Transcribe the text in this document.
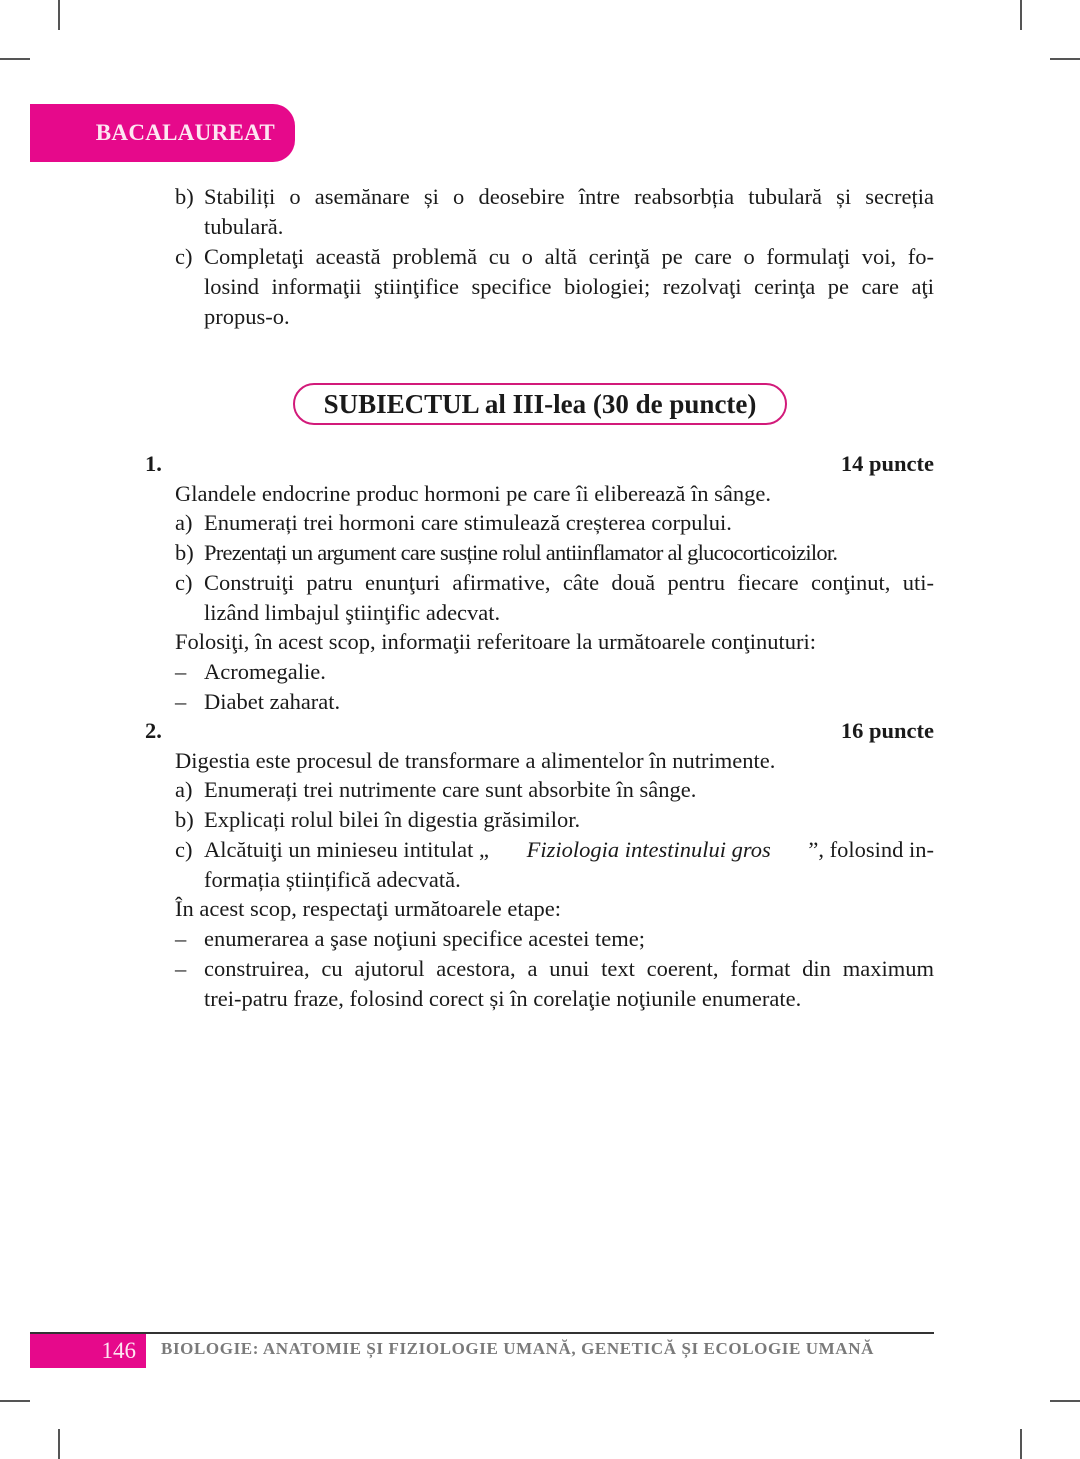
BACALAUREAT
b) Stabiliți o asemănare și o deosebire între reabsorbția tubulară și secreția
tubulară.
c) Completaţi această problemă cu o altă cerinţă pe care o formulaţi voi, fo-
losind informaţii ştiinţifice specifice biologiei; rezolvaţi cerinţa pe care aţi
propus-o.
SUBIECTUL al III-lea (30 de puncte)
1.	14 puncte
Glandele endocrine produc hormoni pe care îi eliberează în sânge.
a) Enumerați trei hormoni care stimulează creșterea corpului.
b) Prezentați un argument care susține rolul antiinflamator al glucocorticoizilor.
c) Construiţi patru enunţuri afirmative, câte două pentru fiecare conţinut, uti-
lizând limbajul ştiinţific adecvat.
Folosiţi, în acest scop, informaţii referitoare la următoarele conţinuturi:
– Acromegalie.
– Diabet zaharat.
2.	16 puncte
Digestia este procesul de transformare a alimentelor în nutrimente.
a) Enumerați trei nutrimente care sunt absorbite în sânge.
b) Explicați rolul bilei în digestia grăsimilor.
c) Alcătuiţi un minieseu intitulat „ Fiziologia intestinului gros ”, folosind in-
formația științifică adecvată.
În acest scop, respectaţi următoarele etape:
– enumerarea a şase noţiuni specifice acestei teme;
– construirea, cu ajutorul acestora, a unui text coerent, format din maximum
trei-patru fraze, folosind corect și în corelaţie noţiunile enumerate.
146 BIOLOGIE: ANATOMIE ȘI FIZIOLOGIE UMANĂ, GENETICĂ ȘI ECOLOGIE UMANĂ
